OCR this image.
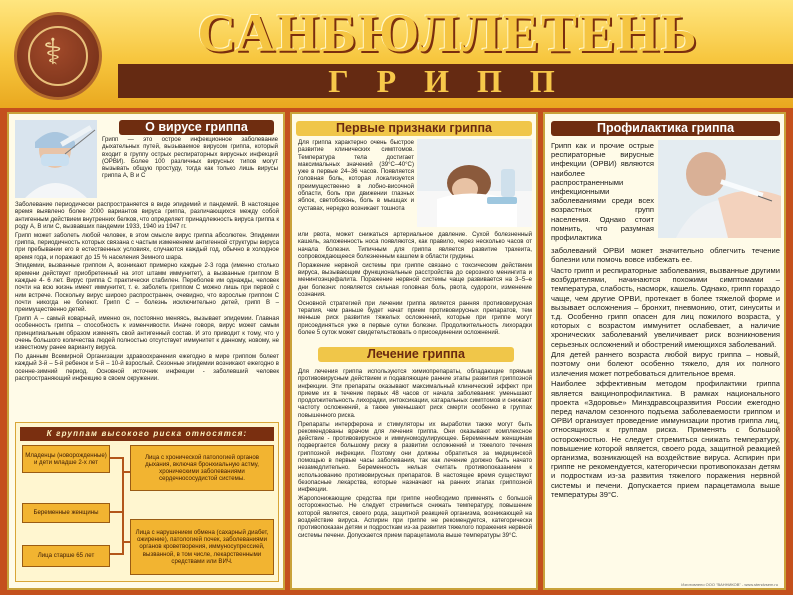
⚕	САНБЮЛЛЕТЕНЬ
ГРИПП
О вирусе гриппа

Грипп — это острое инфекционное заболевание дыхательных путей, вызываемое вирусом гриппа, который входит в группу острых респираторных вирусных инфекций (ОРВИ). Более 100 различных вирусных типов могут вызывать общую простуду, тогда как только лишь вирусы гриппа A, B и C

Заболевание периодически распространяется в виде эпидемий и пандемий. В настоящее время выявлено более 2000 вариантов вируса гриппа, различающихся между собой антигенным действием внутренних белков, что определяет принадлежность вируса гриппа к роду A, B или C, вызвавших пандемии 1933, 1940 из 1947 гг.

Грипп может заболеть любой человек, в этом смысле вирус гриппа абсолютен. Эпидемии гриппа, периодичность которых связана с частым изменением антигенной структуры вируса при пребывании его в естественных условиях, случаются каждый год, обычно в холодное время года, и поражают до 15 % населения Земного шара.

Эпидемии, вызванные гриппом А, возникают примерно каждые 2-3 года (именно столько времени действует приобретенный на этот штамм иммунитет), а вызванные гриппом В каждые 4- 6 лет. Вирус гриппа С практически стабилен. Переболев им однажды, человек почти на всю жизнь имеет иммунитет, т. е. заболеть гриппом С можно лишь при первой с ним встрече. Поскольку вирус широко распространен, очевидно, что взрослые гриппом С почти никогда не болеют. Грипп С – болезнь исключительно детей, грипп В – преимущественно детей.

Грипп А – самый коварный, именно он, постоянно меняясь, вызывает эпидемии. Главная особенность гриппа – способность к изменчивости. Иначе говоря, вирус может самым принципиальным образом изменять свой антигенный состав. И это приводит к тому, что у очень большого количества людей полностью отсутствует иммунитет к данному, новому, не известному ранее варианту вируса.

По данным Всемирной Организации здравоохранения ежегодно в мире гриппом болеет каждый 3-й – 5-й ребенок и 5-й – 10-й взрослый. Сезонные эпидемии возникают ежегодно в осенне-зимний период. Основной источник инфекции - заболевший человек распространяющий инфекцию в своем окружении.

К группам высокого риска относятся:
Младенцы (новорожденные) и дети младше 2-х лет
Беременные женщины
Лица старше 65 лет
Лица с хронической патологией органов дыхания, включая бронхиальную астму, хроническими заболеваниями сердечнососудистой системы.
Лица с нарушением обмена (сахарный диабет, ожирение), патологией почек, заболеваниями органов кроветворения, иммуносупрессией, вызванной, в том числе, лекарственными средствами или ВИЧ.
Первые признаки гриппа

Для гриппа характерно очень быстрое развитие клинических симптомов. Температура тела достигает максимальных значений (39°С–40°С) уже в первые 24–36 часов. Появляется головная боль, которая локализуется преимущественно в лобно-височной области, боль при движении глазных яблок, светобоязнь, боль в мышцах и суставах, нередко возникает тошнота

или рвота, может снижаться артериальное давление. Сухой болезненный кашель, заложенность носа появляются, как правило, через несколько часов от начала болезни. Типичным для гриппа является развитие трахеита, сопровождающееся болезненным кашлем в области грудины.

Поражение нервной системы при гриппе связано с токсическим действием вируса, вызывающим функциональные расстройства до серозного менингита и менингоэнцефалита. Поражение нервной системы чаще развивается на 3–5–е дни болезни: появляется сильная головная боль, рвота, судороги, изменение сознания.

Основной стратегией при лечении гриппа является ранняя противовирусная терапия, чем раньше будет начат прием противовирусных препаратов, тем меньше риск развития тяжелых осложнений, которые при гриппе могут присоединяться уже в первые сутки болезни. Продолжительность лихорадки более 5 суток может свидетельствовать о присоединении осложнений.

Лечение гриппа

Для лечения гриппа используются химиопрепараты, обладающие прямым противовирусным действием и подавляющие ранние этапы развития гриппозной инфекции. Эти препараты оказывают максимальный клинический эффект при приеме их в течение первых 48 часов от начала заболевания: уменьшают продолжительность лихорадки, интоксикации, катаральных симптомов и снижают частоту осложнений, а также уменьшают риск смерти особенно в группах повышенного риска.

Препараты интерферона и стимуляторы их выработки также могут быть рекомендованы врачом для лечения гриппа. Они оказывают комплексное действие - противовирусное и иммуномодулирующее. Беременным женщинам подвергается большому риску в развитии осложнений и тяжелого течения гриппозной инфекции. Поэтому они должны обратиться за медицинской помощью в первые часы заболевания, так как лечение должно быть начато незамедлительно. Беременность нельзя считать противопоказанием к использованию противовирусных препаратов. В настоящее время существуют безопасные лекарства, которые назначают на ранних этапах гриппозной инфекции.

Жаропонижающие средства при гриппе необходимо применять с большой осторожностью. Не следует стремиться снижать температуру, повышение которой является, своего рода, защитной реакцией организма, возникающей на воздействие вируса. Аспирин при гриппе не рекомендуется, категорически противопоказан детям и подросткам из-за развития тяжелого поражения нервной системы печени. Допускается прием парацетамола выше температуры 39°С.

Профилактика гриппа

Грипп как и прочие острые респираторные вирусные инфекции (ОРВИ) являются наиболее распространенными инфекционными заболеваниями среди всех возрастных групп населения. Однако стоит помнить, что разумная профилактика

заболеваний ОРВИ может значительно облегчить течение болезни или помочь вовсе избежать ее.

Часто грипп и респираторные заболевания, вызванные другими возбудителями, начинаются похожими симптомами – температура, слабость, насморк, кашель. Однако, грипп гораздо чаще, чем другие ОРВИ, протекает в более тяжелой форме и вызывает осложнения – бронхит, пневмонию, отит, синуситы и т.д. Особенно грипп опасен для лиц пожилого возраста, у которых с возрастом иммунитет ослабевает, а наличие хронических заболеваний увеличивает риск возникновения серьезных осложнений и обострений имеющихся заболеваний.

Для детей раннего возраста любой вирус гриппа – новый, поэтому они болеют особенно тяжело, для их полного излечения может потребоваться длительное время.

Наиболее эффективным методом профилактики гриппа является вакцинопрофилактика. В рамках национального проекта «Здоровье» Минздравсоцразвития России ежегодно перед началом сезонного подъема заболеваемости гриппом и ОРВИ организует проведение иммунизации против гриппа лиц, относящихся к группам риска. Применять с большой осторожностью. Не следует стремиться снижать температуру, повышение которой является, своего рода, защитной реакцией организма, возникающей на воздействие вируса. Аспирин при гриппе не рекомендуется, категорически противопоказан детям и подросткам из-за развития тяжелого поражения нервной системы и печени. Допускается прием парацетамола выше температуры 39°С.

Изготовлено ООО "ВАННИКОВ" - www.stendvsem.ru
